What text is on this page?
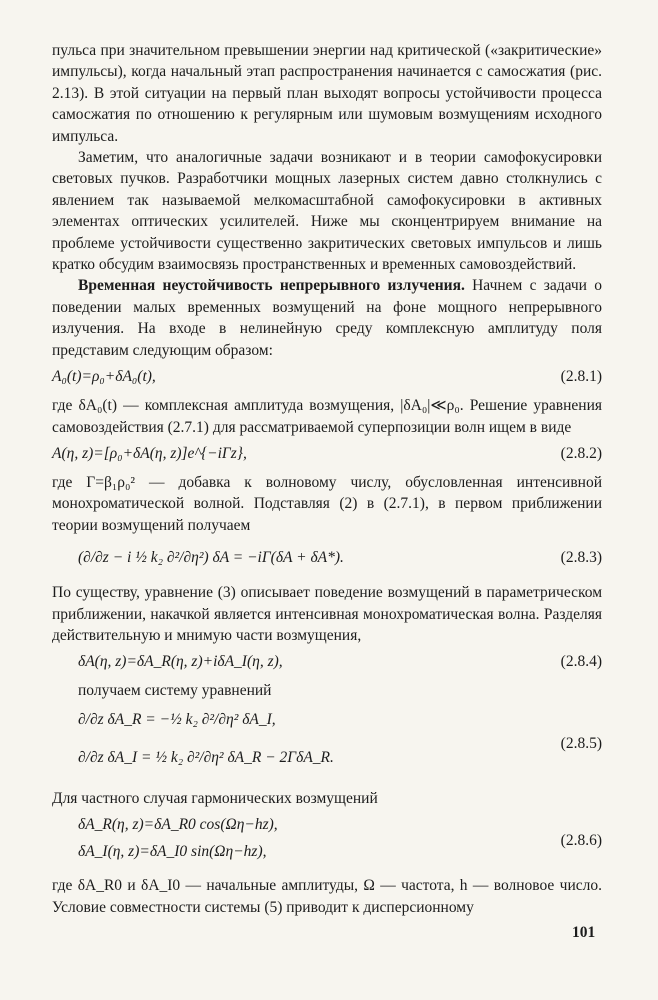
пульса при значительном превышении энергии над критической («закритические» импульсы), когда начальный этап распространения начинается с самосжатия (рис. 2.13). В этой ситуации на первый план выходят вопросы устойчивости процесса самосжатия по отношению к регулярным или шумовым возмущениям исходного импульса.

Заметим, что аналогичные задачи возникают и в теории самофокусировки световых пучков. Разработчики мощных лазерных систем давно столкнулись с явлением так называемой мелкомасштабной самофокусировки в активных элементах оптических усилителей. Ниже мы сконцентрируем внимание на проблеме устойчивости существенно закритических световых импульсов и лишь кратко обсудим взаимосвязь пространственных и временных самовоздействий.

Временная неустойчивость непрерывного излучения. Начнем с задачи о поведении малых временных возмущений на фоне мощного непрерывного излучения. На входе в нелинейную среду комплексную амплитуду поля представим следующим образом:

A₀(t)=ρ₀+δA₀(t),	(2.8.1)

где δA₀(t) — комплексная амплитуда возмущения, |δA₀|≪ρ₀. Решение уравнения самовоздействия (2.7.1) для рассматриваемой суперпозиции волн ищем в виде

A(η, z)=[ρ₀+δA(η, z)]e^{−iΓz},	(2.8.2)

где Γ=β₁ρ₀² — добавка к волновому числу, обусловленная интенсивной монохроматической волной. Подставляя (2) в (2.7.1), в первом приближении теории возмущений получаем

(∂/∂z − i ½ k₂ ∂²/∂η²) δA = −iΓ(δA + δA*).	(2.8.3)

По существу, уравнение (3) описывает поведение возмущений в параметрическом приближении, накачкой является интенсивная монохроматическая волна. Разделяя действительную и мнимую части возмущения,

δA(η, z)=δA_R(η, z)+iδA_I(η, z),	(2.8.4)

получаем систему уравнений

∂/∂z δA_R = −½ k₂ ∂²/∂η² δA_I,
∂/∂z δA_I = ½ k₂ ∂²/∂η² δA_R − 2ΓδA_R.
(2.8.5)

Для частного случая гармонических возмущений

δA_R(η, z)=δA_R0 cos(Ωη−hz),
δA_I(η, z)=δA_I0 sin(Ωη−hz),
(2.8.6)

где δA_R0 и δA_I0 — начальные амплитуды, Ω — частота, h — волновое число. Условие совместности системы (5) приводит к дисперсионному

101
